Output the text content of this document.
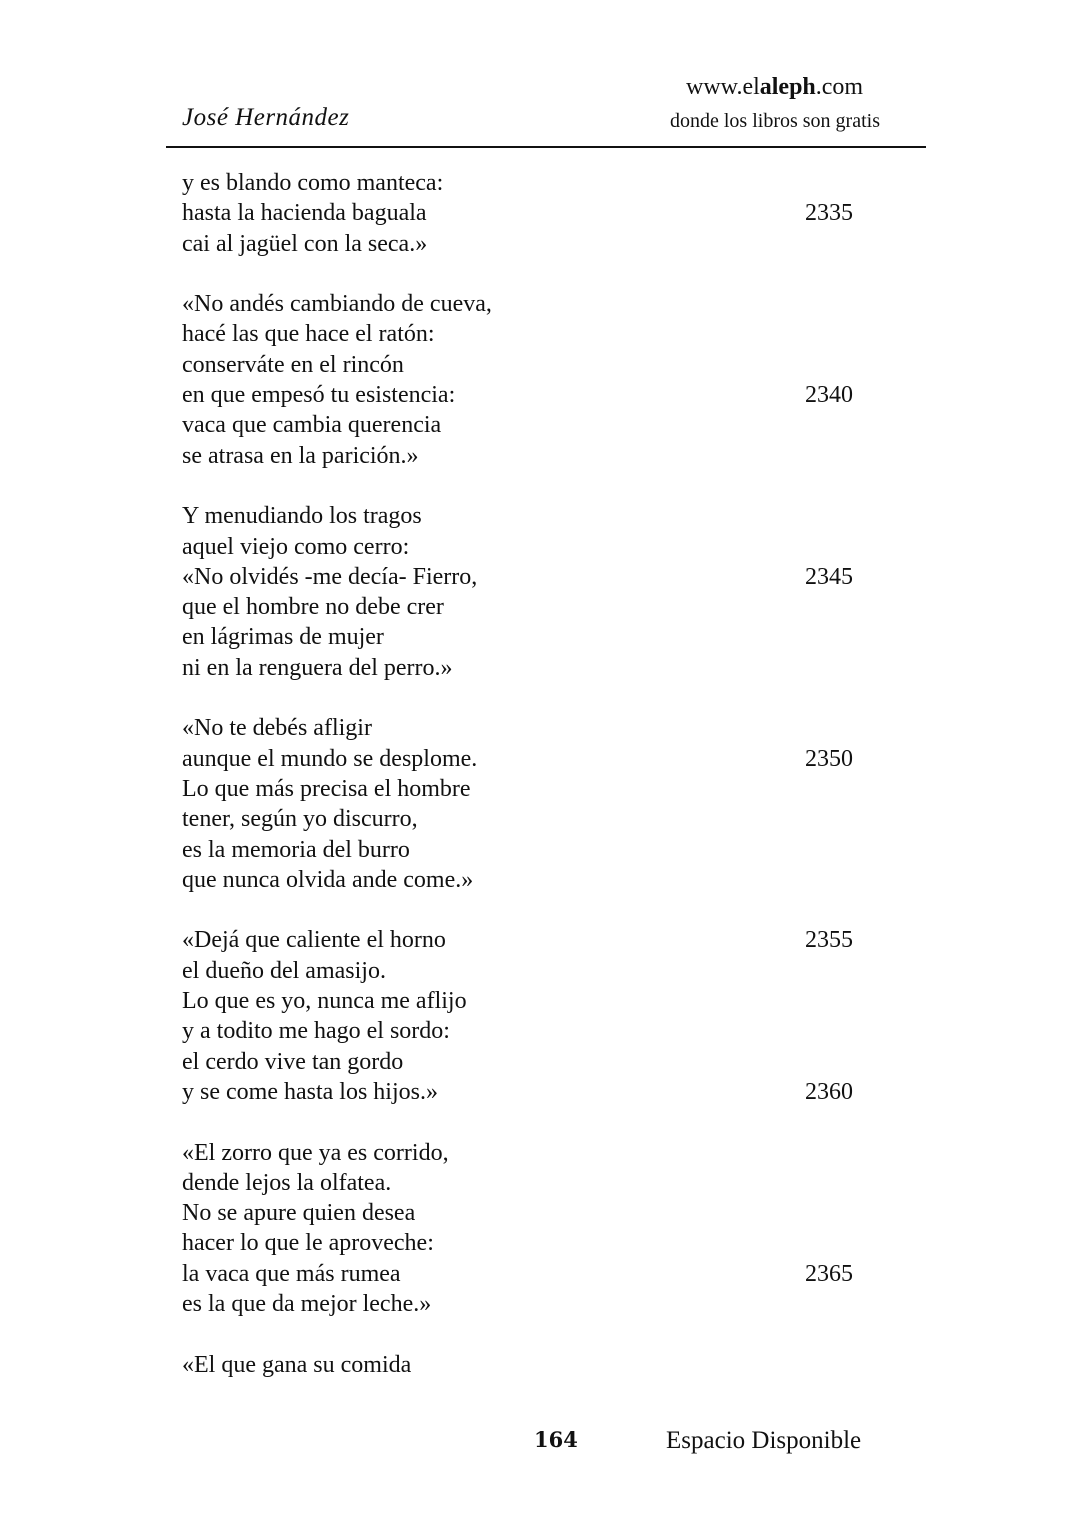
José Hernández
www.elaleph.com
donde los libros son gratis
y es blando como manteca:
hasta la hacienda baguala	2335
cai al jagüel con la seca.»
«No andés cambiando de cueva,
hacé las que hace el ratón:
conserváte en el rincón
en que empesó tu esistencia:	2340
vaca que cambia querencia
se atrasa en la parición.»
Y menudiando los tragos
aquel viejo como cerro:
«No olvidés -me decía- Fierro,	2345
que el hombre no debe crer
en lágrimas de mujer
ni en la renguera del perro.»
«No te debés afligir
aunque el mundo se desplome.	2350
Lo que más precisa el hombre
tener, según yo discurro,
es la memoria del burro
que nunca olvida ande come.»
«Dejá que caliente el horno	2355
el dueño del amasijo.
Lo que es yo, nunca me aflijo
y a todito me hago el sordo:
el cerdo vive tan gordo
y se come hasta los hijos.»	2360
«El zorro que ya es corrido,
dende lejos la olfatea.
No se apure quien desea
hacer lo que le aproveche:
la vaca que más rumea	2365
es la que da mejor leche.»
«El que gana su comida
164	Espacio Disponible
